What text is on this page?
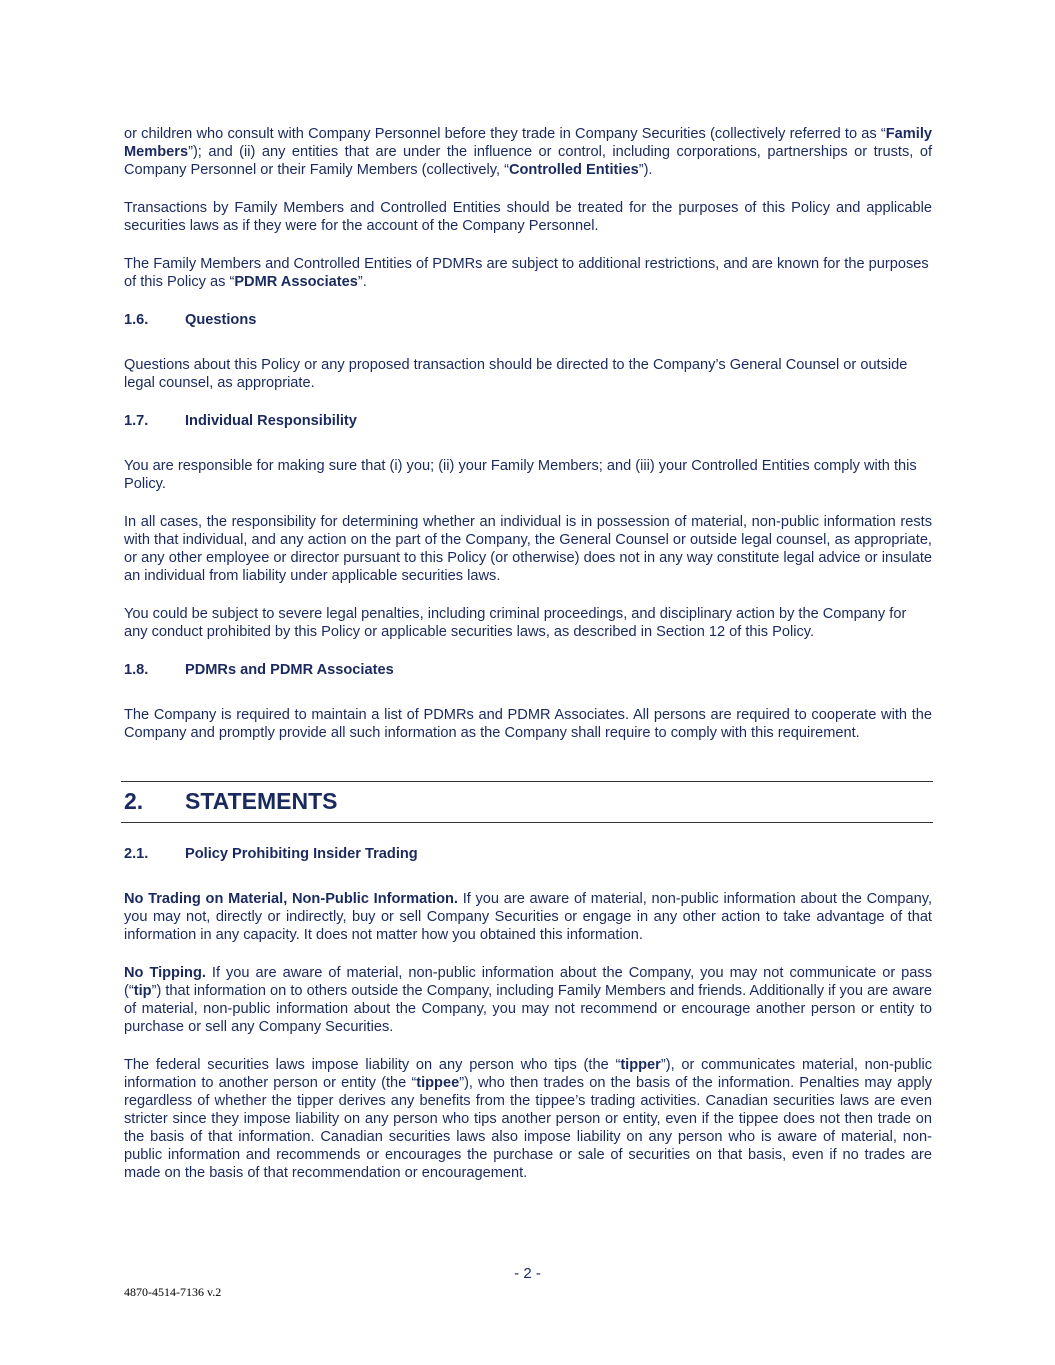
or children who consult with Company Personnel before they trade in Company Securities (collectively referred to as “Family Members”); and (ii) any entities that are under the influence or control, including corporations, partnerships or trusts, of Company Personnel or their Family Members (collectively, “Controlled Entities”).

Transactions by Family Members and Controlled Entities should be treated for the purposes of this Policy and applicable securities laws as if they were for the account of the Company Personnel.

The Family Members and Controlled Entities of PDMRs are subject to additional restrictions, and are known for the purposes of this Policy as “PDMR Associates”.

1.6.	Questions

Questions about this Policy or any proposed transaction should be directed to the Company’s General Counsel or outside legal counsel, as appropriate.

1.7.	Individual Responsibility

You are responsible for making sure that (i) you; (ii) your Family Members; and (iii) your Controlled Entities comply with this Policy.

In all cases, the responsibility for determining whether an individual is in possession of material, non-public information rests with that individual, and any action on the part of the Company, the General Counsel or outside legal counsel, as appropriate, or any other employee or director pursuant to this Policy (or otherwise) does not in any way constitute legal advice or insulate an individual from liability under applicable securities laws.

You could be subject to severe legal penalties, including criminal proceedings, and disciplinary action by the Company for any conduct prohibited by this Policy or applicable securities laws, as described in Section 12 of this Policy.

1.8.	PDMRs and PDMR Associates

The Company is required to maintain a list of PDMRs and PDMR Associates. All persons are required to cooperate with the Company and promptly provide all such information as the Company shall require to comply with this requirement.

2. STATEMENTS
2.1.	Policy Prohibiting Insider Trading

No Trading on Material, Non-Public Information. If you are aware of material, non-public information about the Company, you may not, directly or indirectly, buy or sell Company Securities or engage in any other action to take advantage of that information in any capacity. It does not matter how you obtained this information.

No Tipping. If you are aware of material, non-public information about the Company, you may not communicate or pass (“tip”) that information on to others outside the Company, including Family Members and friends. Additionally if you are aware of material, non-public information about the Company, you may not recommend or encourage another person or entity to purchase or sell any Company Securities.

The federal securities laws impose liability on any person who tips (the “tipper”), or communicates material, non-public information to another person or entity (the “tippee”), who then trades on the basis of the information. Penalties may apply regardless of whether the tipper derives any benefits from the tippee’s trading activities. Canadian securities laws are even stricter since they impose liability on any person who tips another person or entity, even if the tippee does not then trade on the basis of that information. Canadian securities laws also impose liability on any person who is aware of material, non-public information and recommends or encourages the purchase or sale of securities on that basis, even if no trades are made on the basis of that recommendation or encouragement.

- 2 -
4870-4514-7136 v.2
